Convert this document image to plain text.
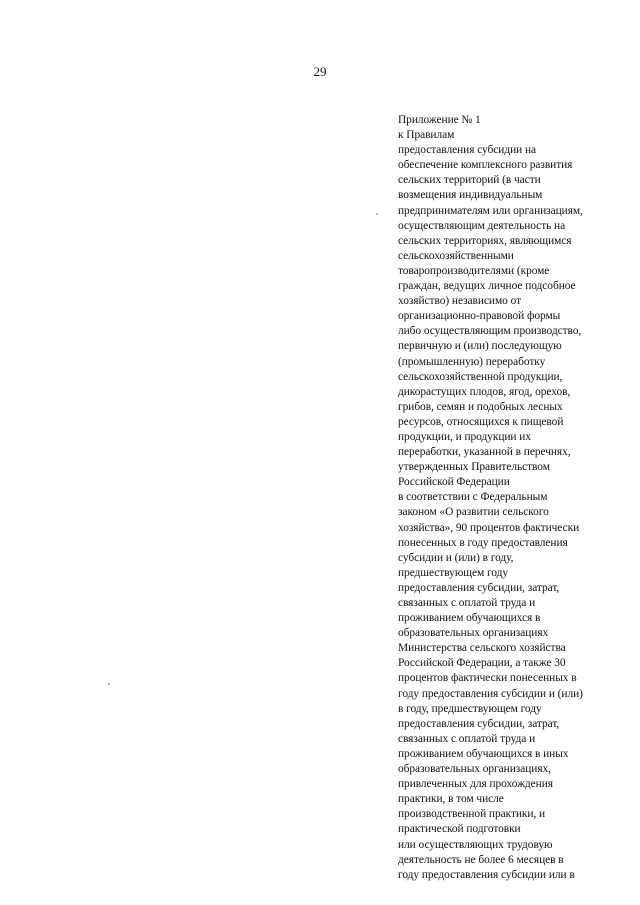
29
Приложение № 1
к Правилам
предоставления субсидии на
обеспечение комплексного развития
сельских территорий (в части
возмещения индивидуальным
предпринимателям или организациям,
осуществляющим деятельность на
сельских территориях, являющимся
сельскохозяйственными
товаропроизводителями (кроме
граждан, ведущих личное подсобное
хозяйство) независимо от
организационно-правовой формы
либо осуществляющим производство,
первичную и (или) последующую
(промышленную) переработку
сельскохозяйственной продукции,
дикорастущих плодов, ягод, орехов,
грибов, семян и подобных лесных
ресурсов, относящихся к пищевой
продукции, и продукции их
переработки, указанной в перечнях,
утвержденных Правительством
Российской Федерации
в соответствии с Федеральным
законом «О развитии сельского
хозяйства», 90 процентов фактически
понесенных в году предоставления
субсидии и (или) в году,
предшествующем году
предоставления субсидии, затрат,
связанных с оплатой труда и
проживанием обучающихся в
образовательных организациях
Министерства сельского хозяйства
Российской Федерации, а также 30
процентов фактически понесенных в
году предоставления субсидии и (или)
в году, предшествующем году
предоставления субсидии, затрат,
связанных с оплатой труда и
проживанием обучающихся в иных
образовательных организациях,
привлеченных для прохождения
практики, в том числе
производственной практики, и
практической подготовки
или осуществляющих трудовую
деятельность не более 6 месяцев в
году предоставления субсидии или в
